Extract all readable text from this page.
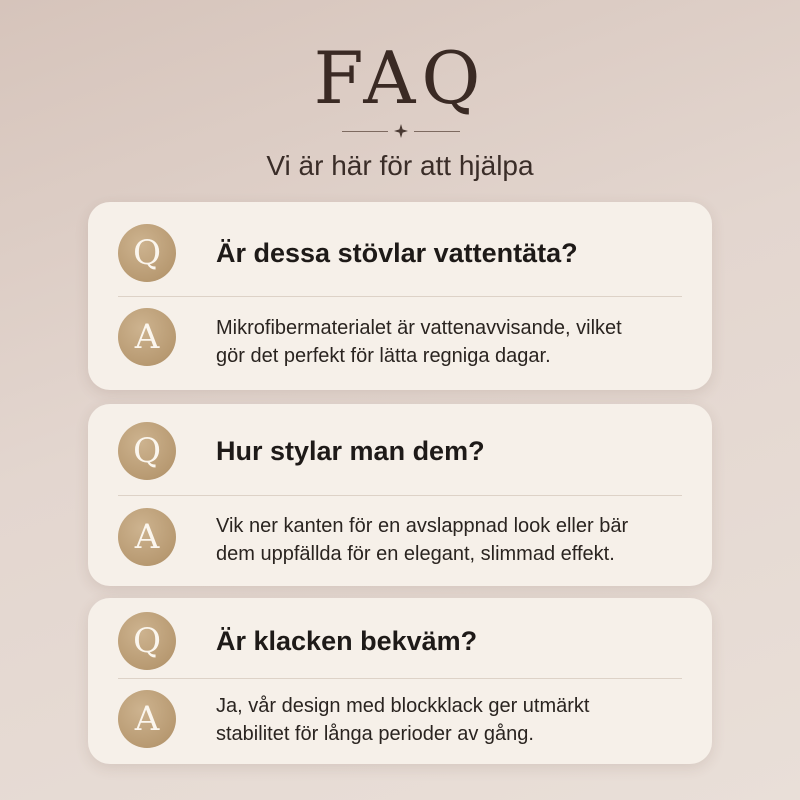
FAQ
Vi är här för att hjälpa
Q	Är dessa stövlar vattentäta?
A	Mikrofibermaterialet är vattenavvisande, vilket
gör det perfekt för lätta regniga dagar.
Q	Hur stylar man dem?
A	Vik ner kanten för en avslappnad look eller bär
dem uppfällda för en elegant, slimmad effekt.
Q	Är klacken bekväm?
A	Ja, vår design med blockklack ger utmärkt
stabilitet för långa perioder av gång.
